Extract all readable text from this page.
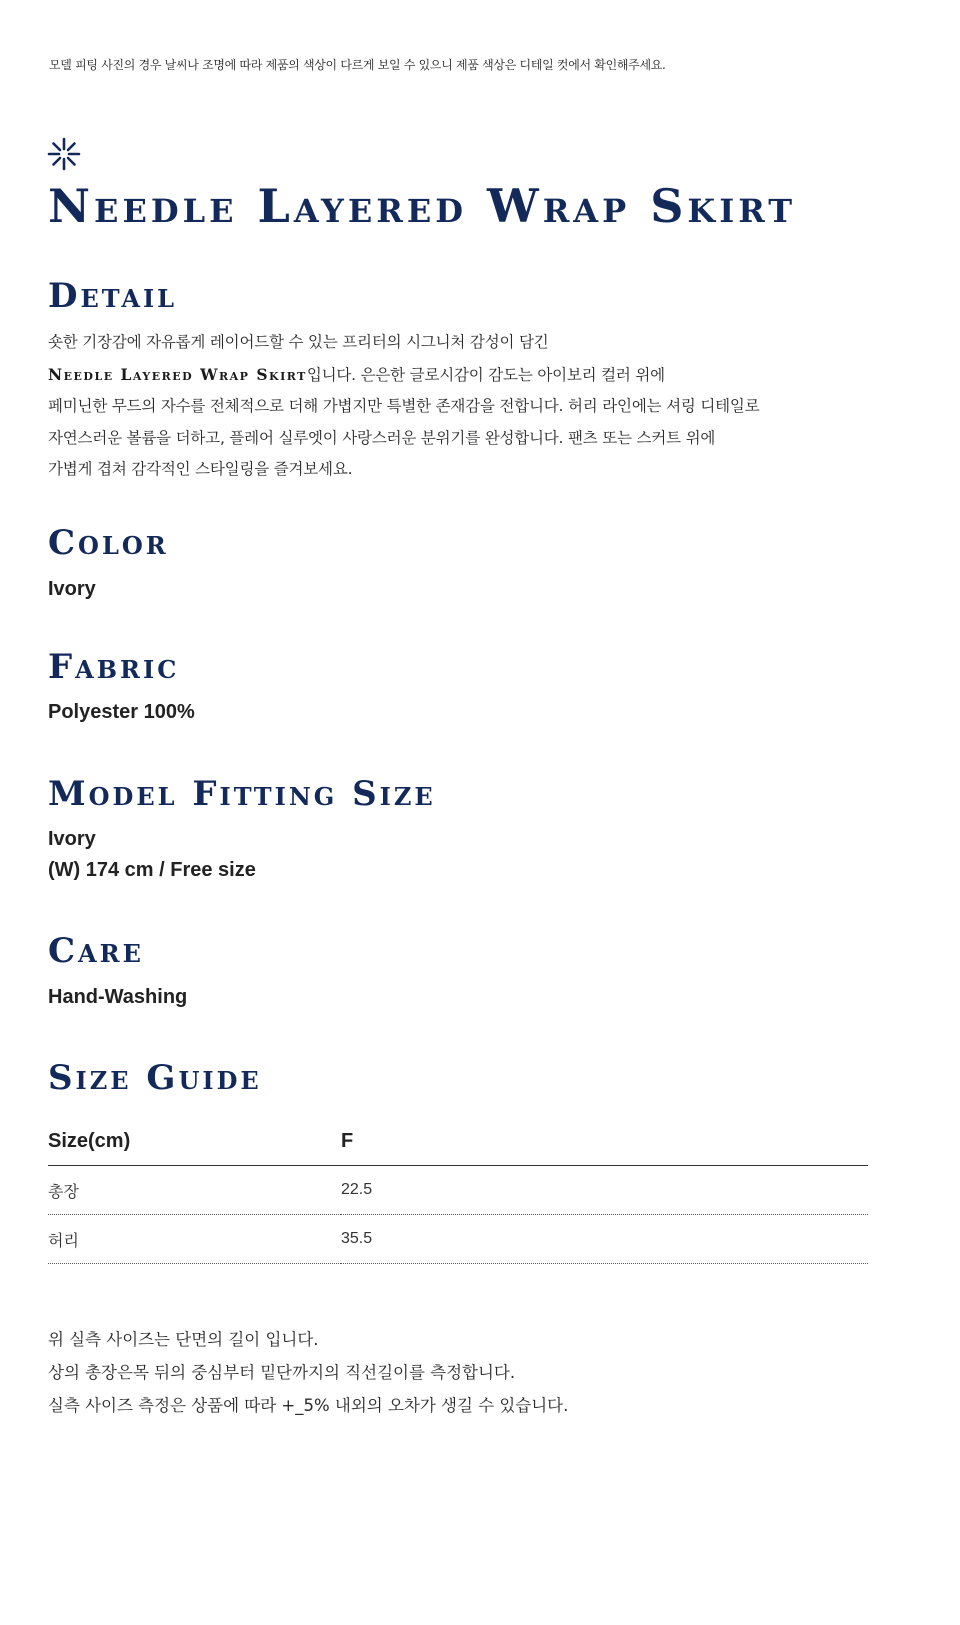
모델 피팅 사진의 경우 날씨나 조명에 따라 제품의 색상이 다르게 보일 수 있으니 제품 색상은 디테일 컷에서 확인해주세요.
Needle Layered Wrap Skirt
Detail
숏한 기장감에 자유롭게 레이어드할 수 있는 프리터의 시그니처 감성이 담긴
Needle Layered Wrap Skirt입니다. 은은한 글로시감이 감도는 아이보리 컬러 위에
페미닌한 무드의 자수를 전체적으로 더해 가볍지만 특별한 존재감을 전합니다. 허리 라인에는 셔링 디테일로
자연스러운 볼륨을 더하고, 플레어 실루엣이 사랑스러운 분위기를 완성합니다. 팬츠 또는 스커트 위에
가볍게 겹쳐 감각적인 스타일링을 즐겨보세요.
Color
Ivory
Fabric
Polyester 100%
Model Fitting Size
Ivory
(W) 174 cm / Free size
Care
Hand-Washing
Size Guide
Size(cm)	F
총장	22.5
허리	35.5
위 실측 사이즈는 단면의 길이 입니다.
상의 총장은목 뒤의 중심부터 밑단까지의 직선길이를 측정합니다.
실측 사이즈 측정은 상품에 따라 +_5% 내외의 오차가 생길 수 있습니다.
